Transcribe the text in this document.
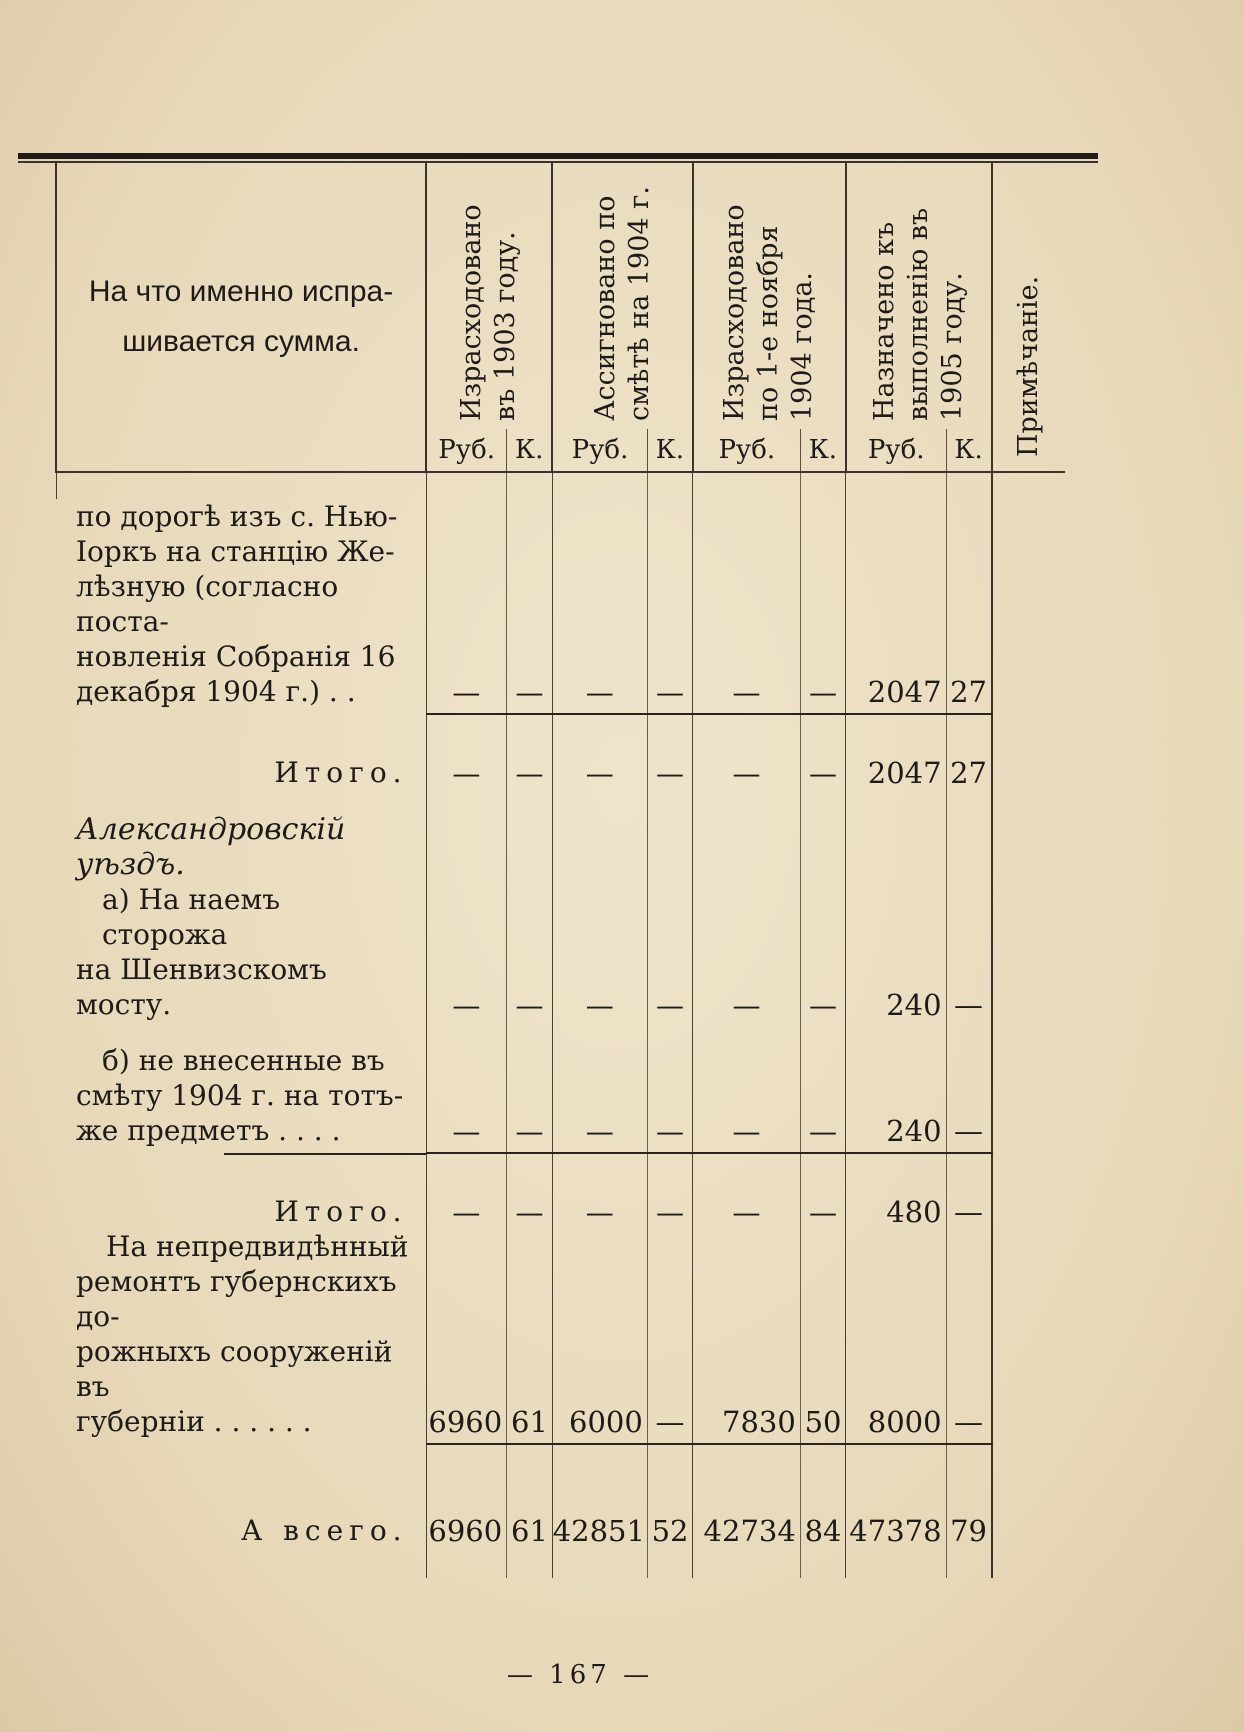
На что именно испра-
шивается сумма.	Израсходовано въ 1903 году.		Ассигновано по смѣтѣ на 1904 г.		Израсходовано по 1-е ноября 1904 года.		Назначено къ выполненію въ 1905 году.		Примѣчаніе.

	Руб.	К.	Руб.	К.	Руб.	К.	Руб.	К.	

по дорогѣ изъ с. Нью-
Іоркъ на станцію Же-
лѣзную (согласно поста-
новленія Собранія 16
декабря 1904 г.) . .	—	—	—	—	—	—	2047	27	

Итого.	—	—	—	—	—	—	2047	27	
Александровскій уѣздъ.									

а) На наемъ сторожа
на Шенвизскомъ мосту.	—	—	—	—	—	—	240	—	

б) не внесенные въ
смѣту 1904 г. на тотъ-
же предметъ . . . .	—	—	—	—	—	—	240	—	

Итого.	—	—	—	—	—	—	480	—	

На непредвидѣнный
ремонтъ губернскихъ до-
рожныхъ сооруженій въ
губерніи . . . . . .	6960	61	6000	—	7830	50	8000	—	

А всего.	6960	61	42851	52	42734	84	47378	79	

— 167 —
